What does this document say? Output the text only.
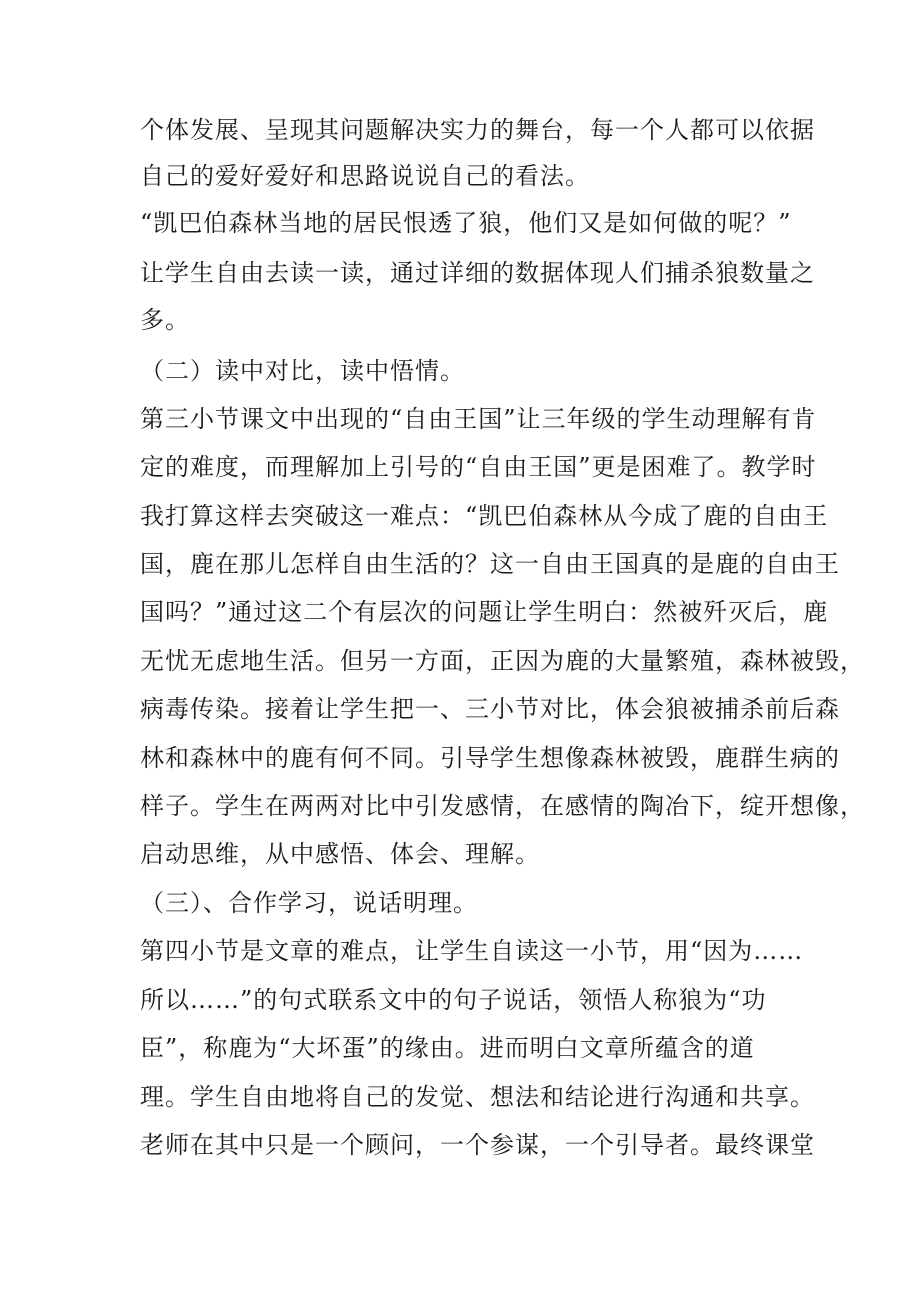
个体发展、呈现其问题解决实力的舞台，每一个人都可以依据
自己的爱好爱好和思路说说自己的看法。
“凯巴伯森林当地的居民恨透了狼，他们又是如何做的呢？”
让学生自由去读一读，通过详细的数据体现人们捕杀狼数量之
多。
（二）读中对比，读中悟情。
第三小节课文中出现的“自由王国”让三年级的学生动理解有肯
定的难度，而理解加上引号的“自由王国”更是困难了。教学时
我打算这样去突破这一难点：“凯巴伯森林从今成了鹿的自由王
国，鹿在那儿怎样自由生活的？这一自由王国真的是鹿的自由王
国吗？”通过这二个有层次的问题让学生明白：然被歼灭后，鹿
无忧无虑地生活。但另一方面，正因为鹿的大量繁殖，森林被毁，
病毒传染。接着让学生把一、三小节对比，体会狼被捕杀前后森
林和森林中的鹿有何不同。引导学生想像森林被毁，鹿群生病的
样子。学生在两两对比中引发感情，在感情的陶冶下，绽开想像，
启动思维，从中感悟、体会、理解。
（三）、合作学习，说话明理。
第四小节是文章的难点，让学生自读这一小节，用“因为……
所以……”的句式联系文中的句子说话，领悟人称狼为“功
臣”，称鹿为“大坏蛋”的缘由。进而明白文章所蕴含的道
理。学生自由地将自己的发觉、想法和结论进行沟通和共享。
老师在其中只是一个顾问，一个参谋，一个引导者。最终课堂
